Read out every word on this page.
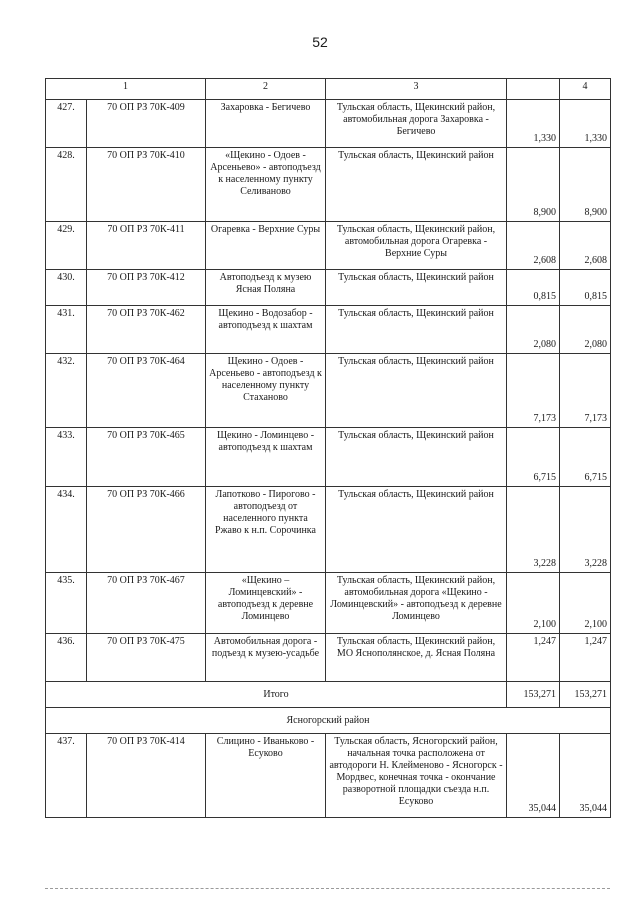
52
1		2	3		4
427.	70 ОП РЗ 70К-409	Захаровка - Бегичево	Тульская область, Щекинский район, автомобильная дорога Захаровка - Бегичево	1,330	1,330
428.	70 ОП РЗ 70К-410	«Щекино - Одоев - Арсеньево» - автоподъезд к населенному пункту Селиваново	Тульская область, Щекинский район	8,900	8,900
429.	70 ОП РЗ 70К-411	Огаревка - Верхние Суры	Тульская область, Щекинский район, автомобильная дорога Огаревка - Верхние Суры	2,608	2,608
430.	70 ОП РЗ 70К-412	Автоподъезд к музею Ясная Поляна	Тульская область, Щекинский район	0,815	0,815
431.	70 ОП РЗ 70К-462	Щекино - Водозабор - автоподъезд к шахтам	Тульская область, Щекинский район	2,080	2,080
432.	70 ОП РЗ 70К-464	Щекино - Одоев - Арсеньево - автоподъезд к населенному пункту Стаханово	Тульская область, Щекинский район	7,173	7,173
433.	70 ОП РЗ 70К-465	Щекино - Ломинцево - автоподъезд к шахтам	Тульская область, Щекинский район	6,715	6,715
434.	70 ОП РЗ 70К-466	Лапотково - Пирогово - автоподъезд от населенного пункта Ржаво к н.п. Сорочинка	Тульская область, Щекинский район	3,228	3,228
435.	70 ОП РЗ 70К-467	«Щекино – Ломинцевский» - автоподъезд к деревне Ломинцево	Тульская область, Щекинский район, автомобильная дорога «Щекино - Ломинцевский» - автоподъезд к деревне Ломинцево	2,100	2,100
436.	70 ОП РЗ 70К-475	Автомобильная дорога - подъезд к музею-усадьбе	Тульская область, Щекинский район, МО Яснополянское, д. Ясная Поляна	1,247	1,247
Итого				153,271	153,271
Ясногорский район					
437.	70 ОП РЗ 70К-414	Слицино - Иваньково - Есуково	Тульская область, Ясногорский район, начальная точка расположена от автодороги Н. Клейменово - Ясногорск - Мордвес, конечная точка - окончание разворотной площадки съезда н.п. Есуково	35,044	35,044
